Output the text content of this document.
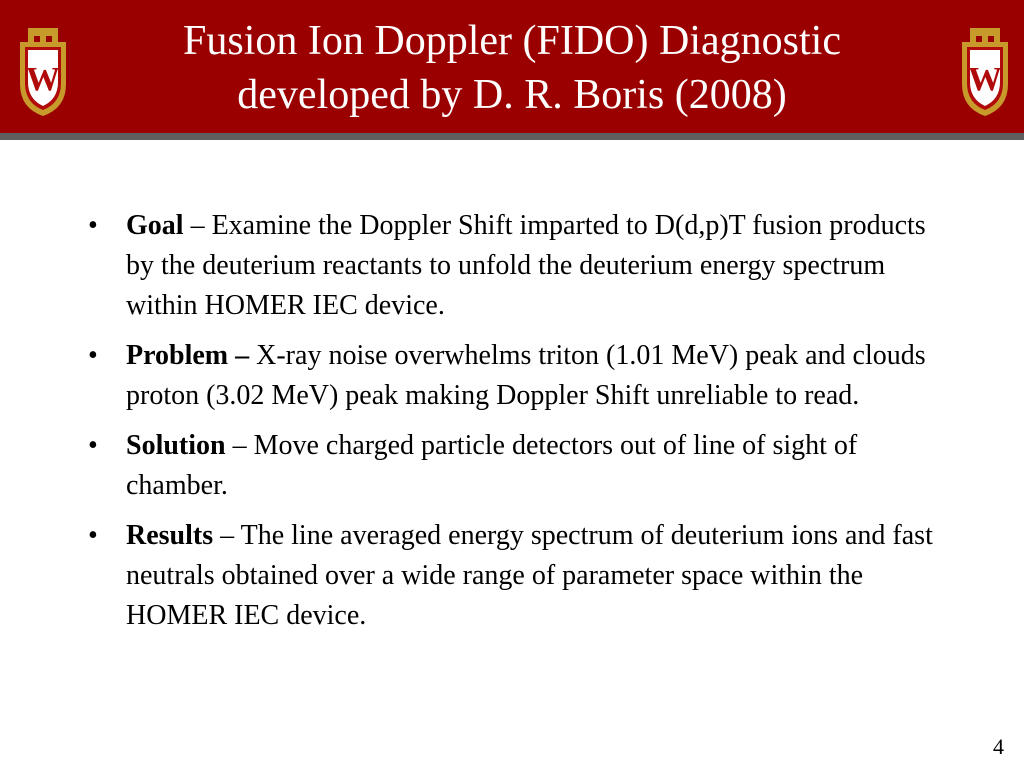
W
Fusion Ion Doppler (FIDO) Diagnostic developed by D. R. Boris (2008)	W
• Goal – Examine the Doppler Shift imparted to D(d,p)T fusion products by the deuterium reactants to unfold the deuterium energy spectrum within HOMER IEC device.
• Problem – X-ray noise overwhelms triton (1.01 MeV) peak and clouds proton (3.02 MeV) peak making Doppler Shift unreliable to read.
• Solution – Move charged particle detectors out of line of sight of chamber.
• Results – The line averaged energy spectrum of deuterium ions and fast neutrals obtained over a wide range of parameter space within the HOMER IEC device.
4
